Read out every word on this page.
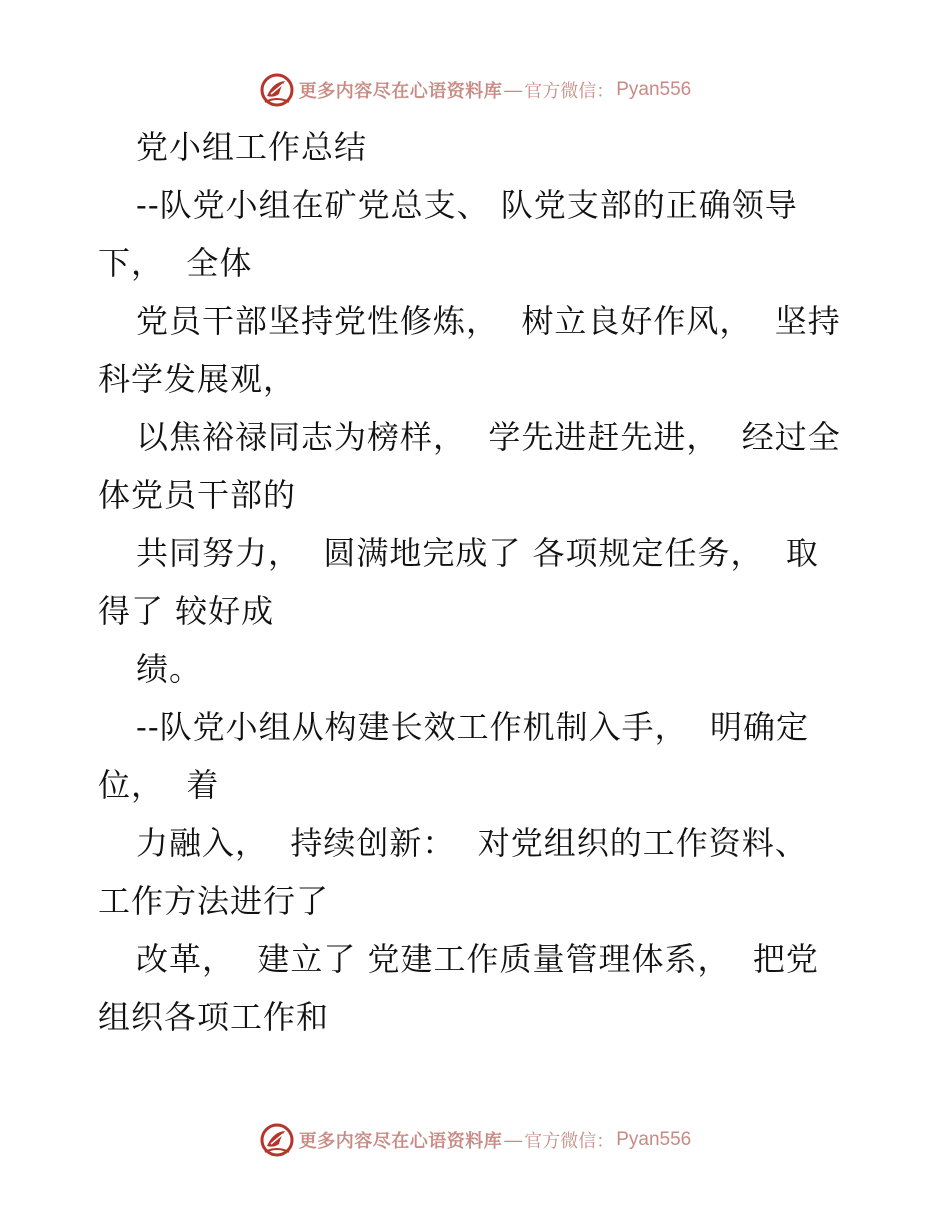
更多内容尽在心语资料库 — 官方微信： Pyan556
党小组工作总结
--队党小组在矿党总支、 队党支部的正确领导
下，  全体
党员干部坚持党性修炼，  树立良好作风，  坚持
科学发展观，
以焦裕禄同志为榜样，  学先进赶先进，  经过全
体党员干部的
共同努力，  圆满地完成了 各项规定任务，  取
得了 较好成
绩。
--队党小组从构建长效工作机制入手，  明确定
位，  着
力融入，  持续创新：  对党组织的工作资料、
工作方法进行了
改革，  建立了 党建工作质量管理体系，  把党
组织各项工作和
更多内容尽在心语资料库 — 官方微信： Pyan556
